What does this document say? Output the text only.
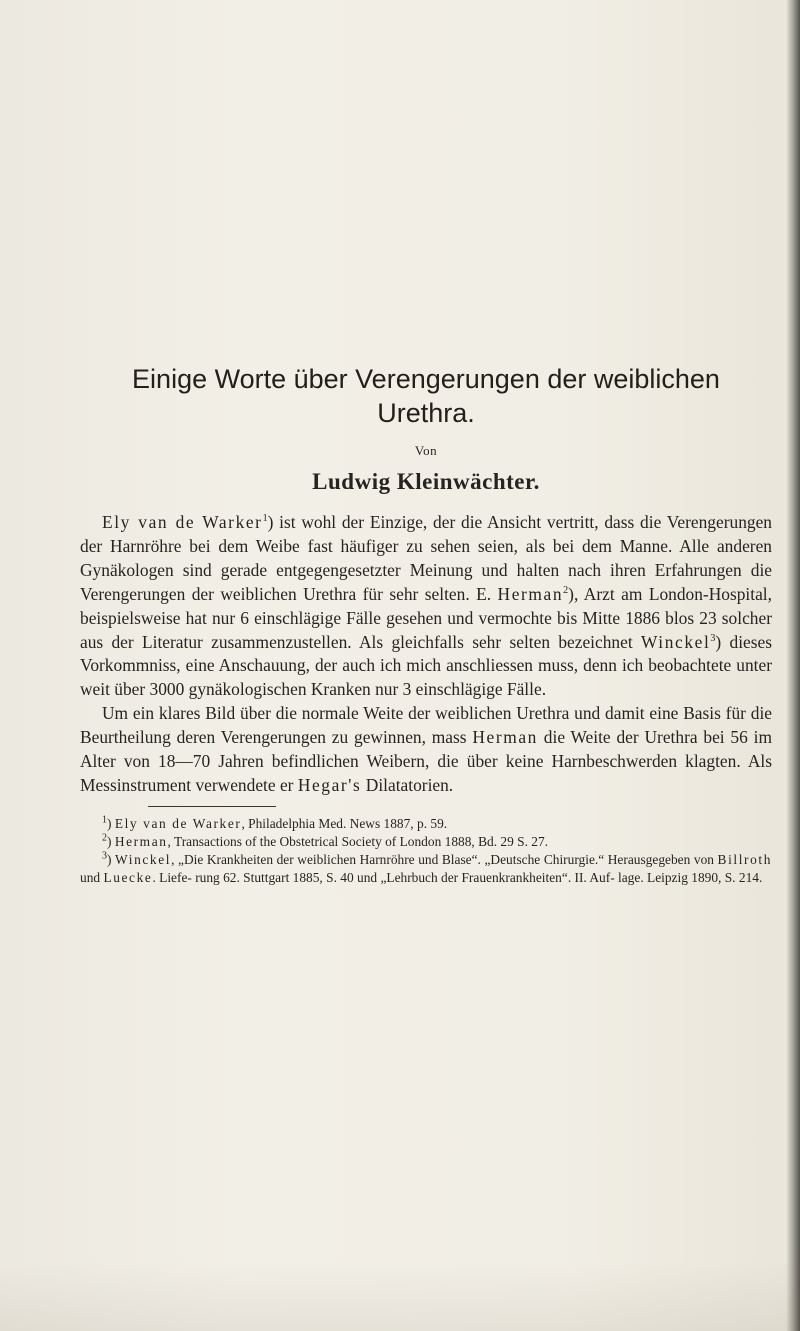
Einige Worte über Verengerungen der weiblichen
Urethra.
Von
Ludwig Kleinwächter.

Ely van de Warker$^1$) ist wohl der Einzige, der die Ansicht vertritt, dass die Verengerungen der Harnröhre bei dem Weibe fast häufiger zu sehen seien, als bei dem Manne. Alle anderen Gynäkologen sind gerade entgegengesetzter Meinung und halten nach ihren Erfahrungen die Verengerungen der weiblichen Urethra für sehr selten. E. Herman$^2$), Arzt am London-Hospital, beispielsweise hat nur 6 einschlägige Fälle gesehen und vermochte bis Mitte 1886 blos 23 solcher aus der Literatur zusammenzustellen. Als gleichfalls sehr selten bezeichnet Winckel$^3$) dieses Vorkommniss, eine Anschauung, der auch ich mich anschliessen muss, denn ich beobachtete unter weit über 3000 gynäkologischen Kranken nur 3 einschlägige Fälle.

Um ein klares Bild über die normale Weite der weiblichen Urethra und damit eine Basis für die Beurtheilung deren Verengerungen zu gewinnen, mass Herman die Weite der Urethra bei 56 im Alter von 18—70 Jahren befindlichen Weibern, die über keine Harnbeschwerden klagten. Als Messinstrument verwendete er Hegar's Dilatatorien.

$^1$) Ely van de Warker, Philadelphia Med. News 1887, p. 59.
$^2$) Herman, Transactions of the Obstetrical Society of London 1888, Bd. 29 S. 27.
$^3$) Winckel, „Die Krankheiten der weiblichen Harnröhre und Blase“. „Deutsche Chirurgie.“ Herausgegeben von Billroth und Luecke. Liefe- rung 62. Stuttgart 1885, S. 40 und „Lehrbuch der Frauenkrankheiten“. II. Auf- lage. Leipzig 1890, S. 214.
